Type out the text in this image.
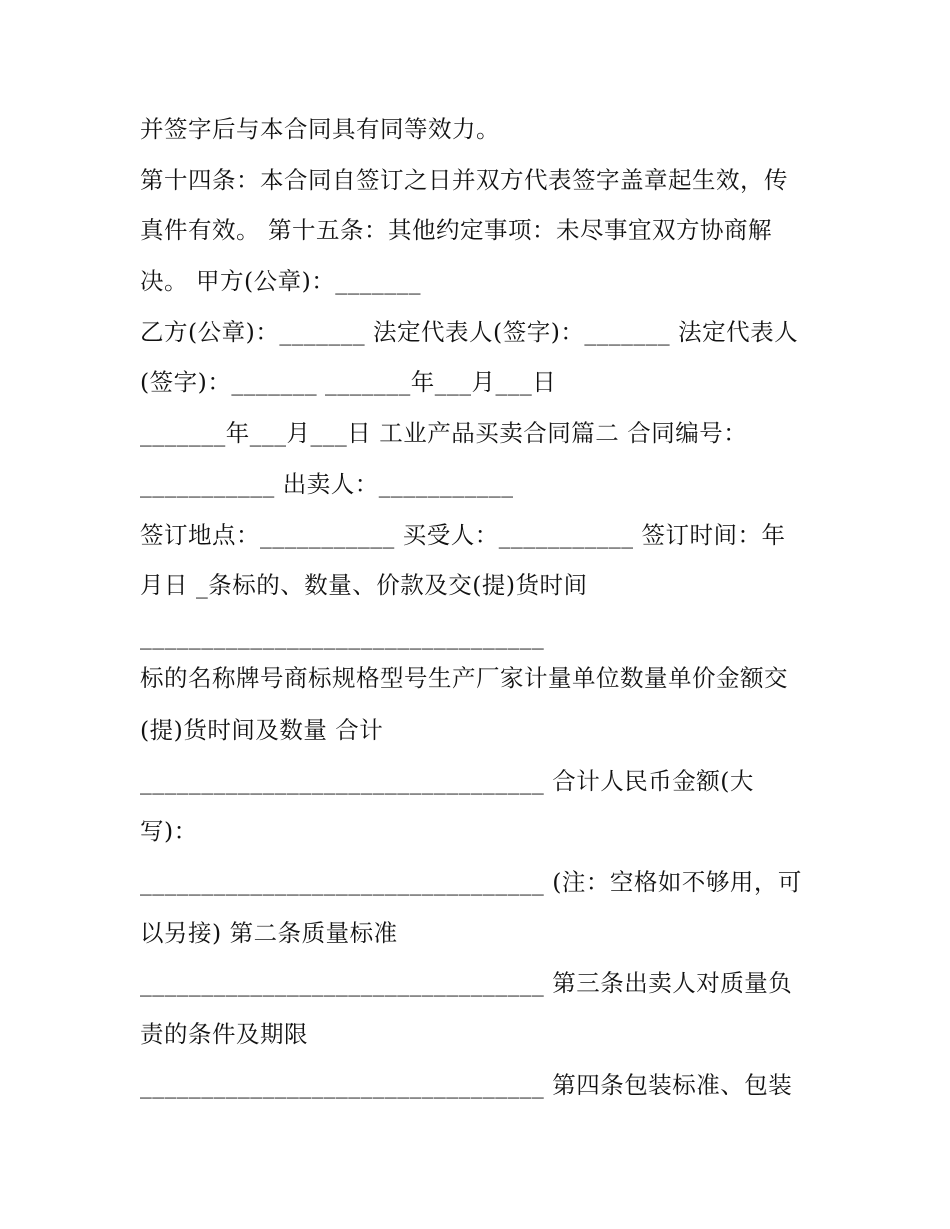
并签字后与本合同具有同等效力。
第十四条：本合同自签订之日并双方代表签字盖章起生效，传
真件有效。 第十五条：其他约定事项：未尽事宜双方协商解
决。 甲方(公章)：_______
乙方(公章)：_______ 法定代表人(签字)：_______ 法定代表人
(签字)：_______ _______年___月___日
_______年___月___日 工业产品买卖合同篇二 合同编号：
___________ 出卖人：___________
签订地点：___________ 买受人：___________ 签订时间：年
月日 _条标的、数量、价款及交(提)货时间
_________________________________
标的名称牌号商标规格型号生产厂家计量单位数量单价金额交
(提)货时间及数量 合计
_________________________________ 合计人民币金额(大
写)：
_________________________________ (注：空格如不够用，可
以另接) 第二条质量标准
_________________________________ 第三条出卖人对质量负
责的条件及期限
_________________________________ 第四条包装标准、包装
